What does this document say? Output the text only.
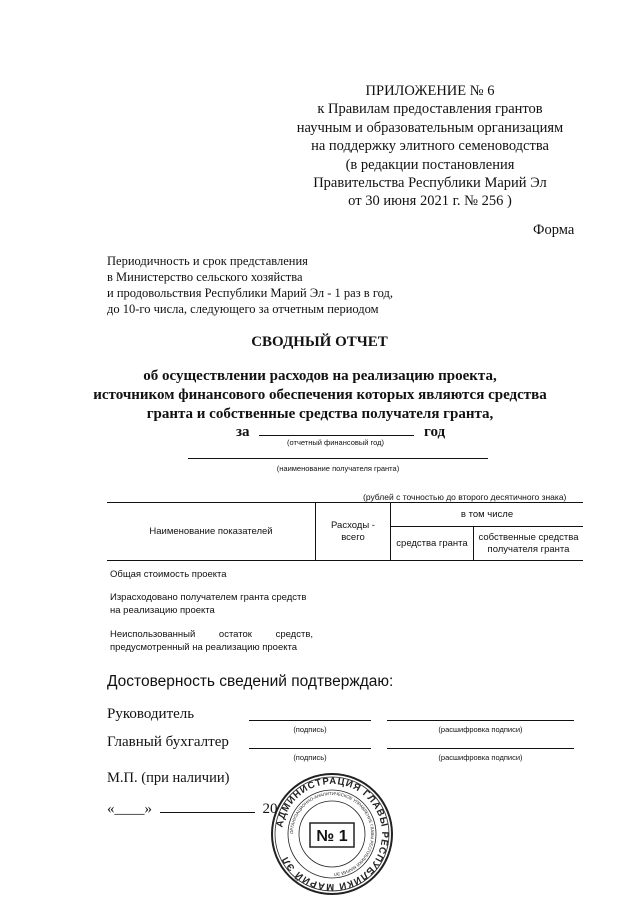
ПРИЛОЖЕНИЕ № 6
к Правилам предоставления грантов
научным и образовательным организациям
на поддержку элитного семеноводства
(в редакции постановления
Правительства Республики Марий Эл
от 30 июня 2021 г. № 256 )
Форма
Периодичность и срок представления
в Министерство сельского хозяйства
и продовольствия Республики Марий Эл - 1 раз в год,
до 10-го числа, следующего за отчетным периодом
СВОДНЫЙ ОТЧЕТ
об осуществлении расходов на реализацию проекта,
источником финансового обеспечения которых являются средства
гранта и собственные средства получателя гранта,
за	год
(отчетный финансовый год)
(наименование получателя гранта)
(рублей с точностью до второго десятичного знака)
Наименование показателей	Расходы - всего	в том числе	
		средства гранта	собственные средства получателя гранта
Общая стоимость проекта
Израсходовано получателем гранта средств
на реализацию проекта
Неиспользованный остаток средств,
предусмотренный на реализацию проекта
Достоверность сведений подтверждаю:
Руководитель
(подпись)	(расшифровка подписи)
Главный бухгалтер
(подпись)	(расшифровка подписи)
М.П. (при наличии)
«____»	20
АДМИНИСТРАЦИЯ ГЛАВЫ РЕСПУБЛИКИ МАРИЙ ЭЛ
ОРГАНИЗАЦИОННО-АНАЛИТИЧЕСКОЕ УПРАВЛЕНИЕ ГЛАВЫ РЕСПУБЛИКИ МАРИЙ ЭЛ
№ 1
